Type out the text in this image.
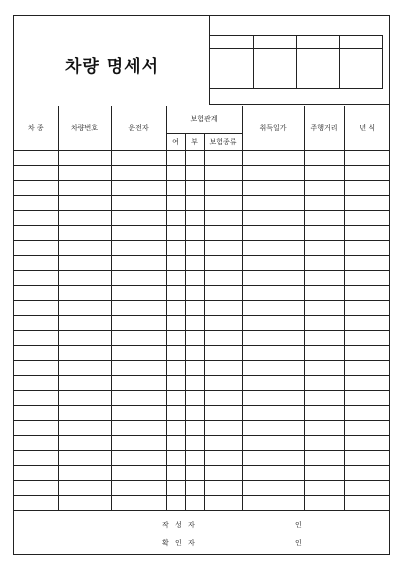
차량 명세서
차 종	차량번호	운전자	보험관계			취득일가	주행거리	년 식
			여	부	보험종류			

작 성 자	인
확 인 자	인
